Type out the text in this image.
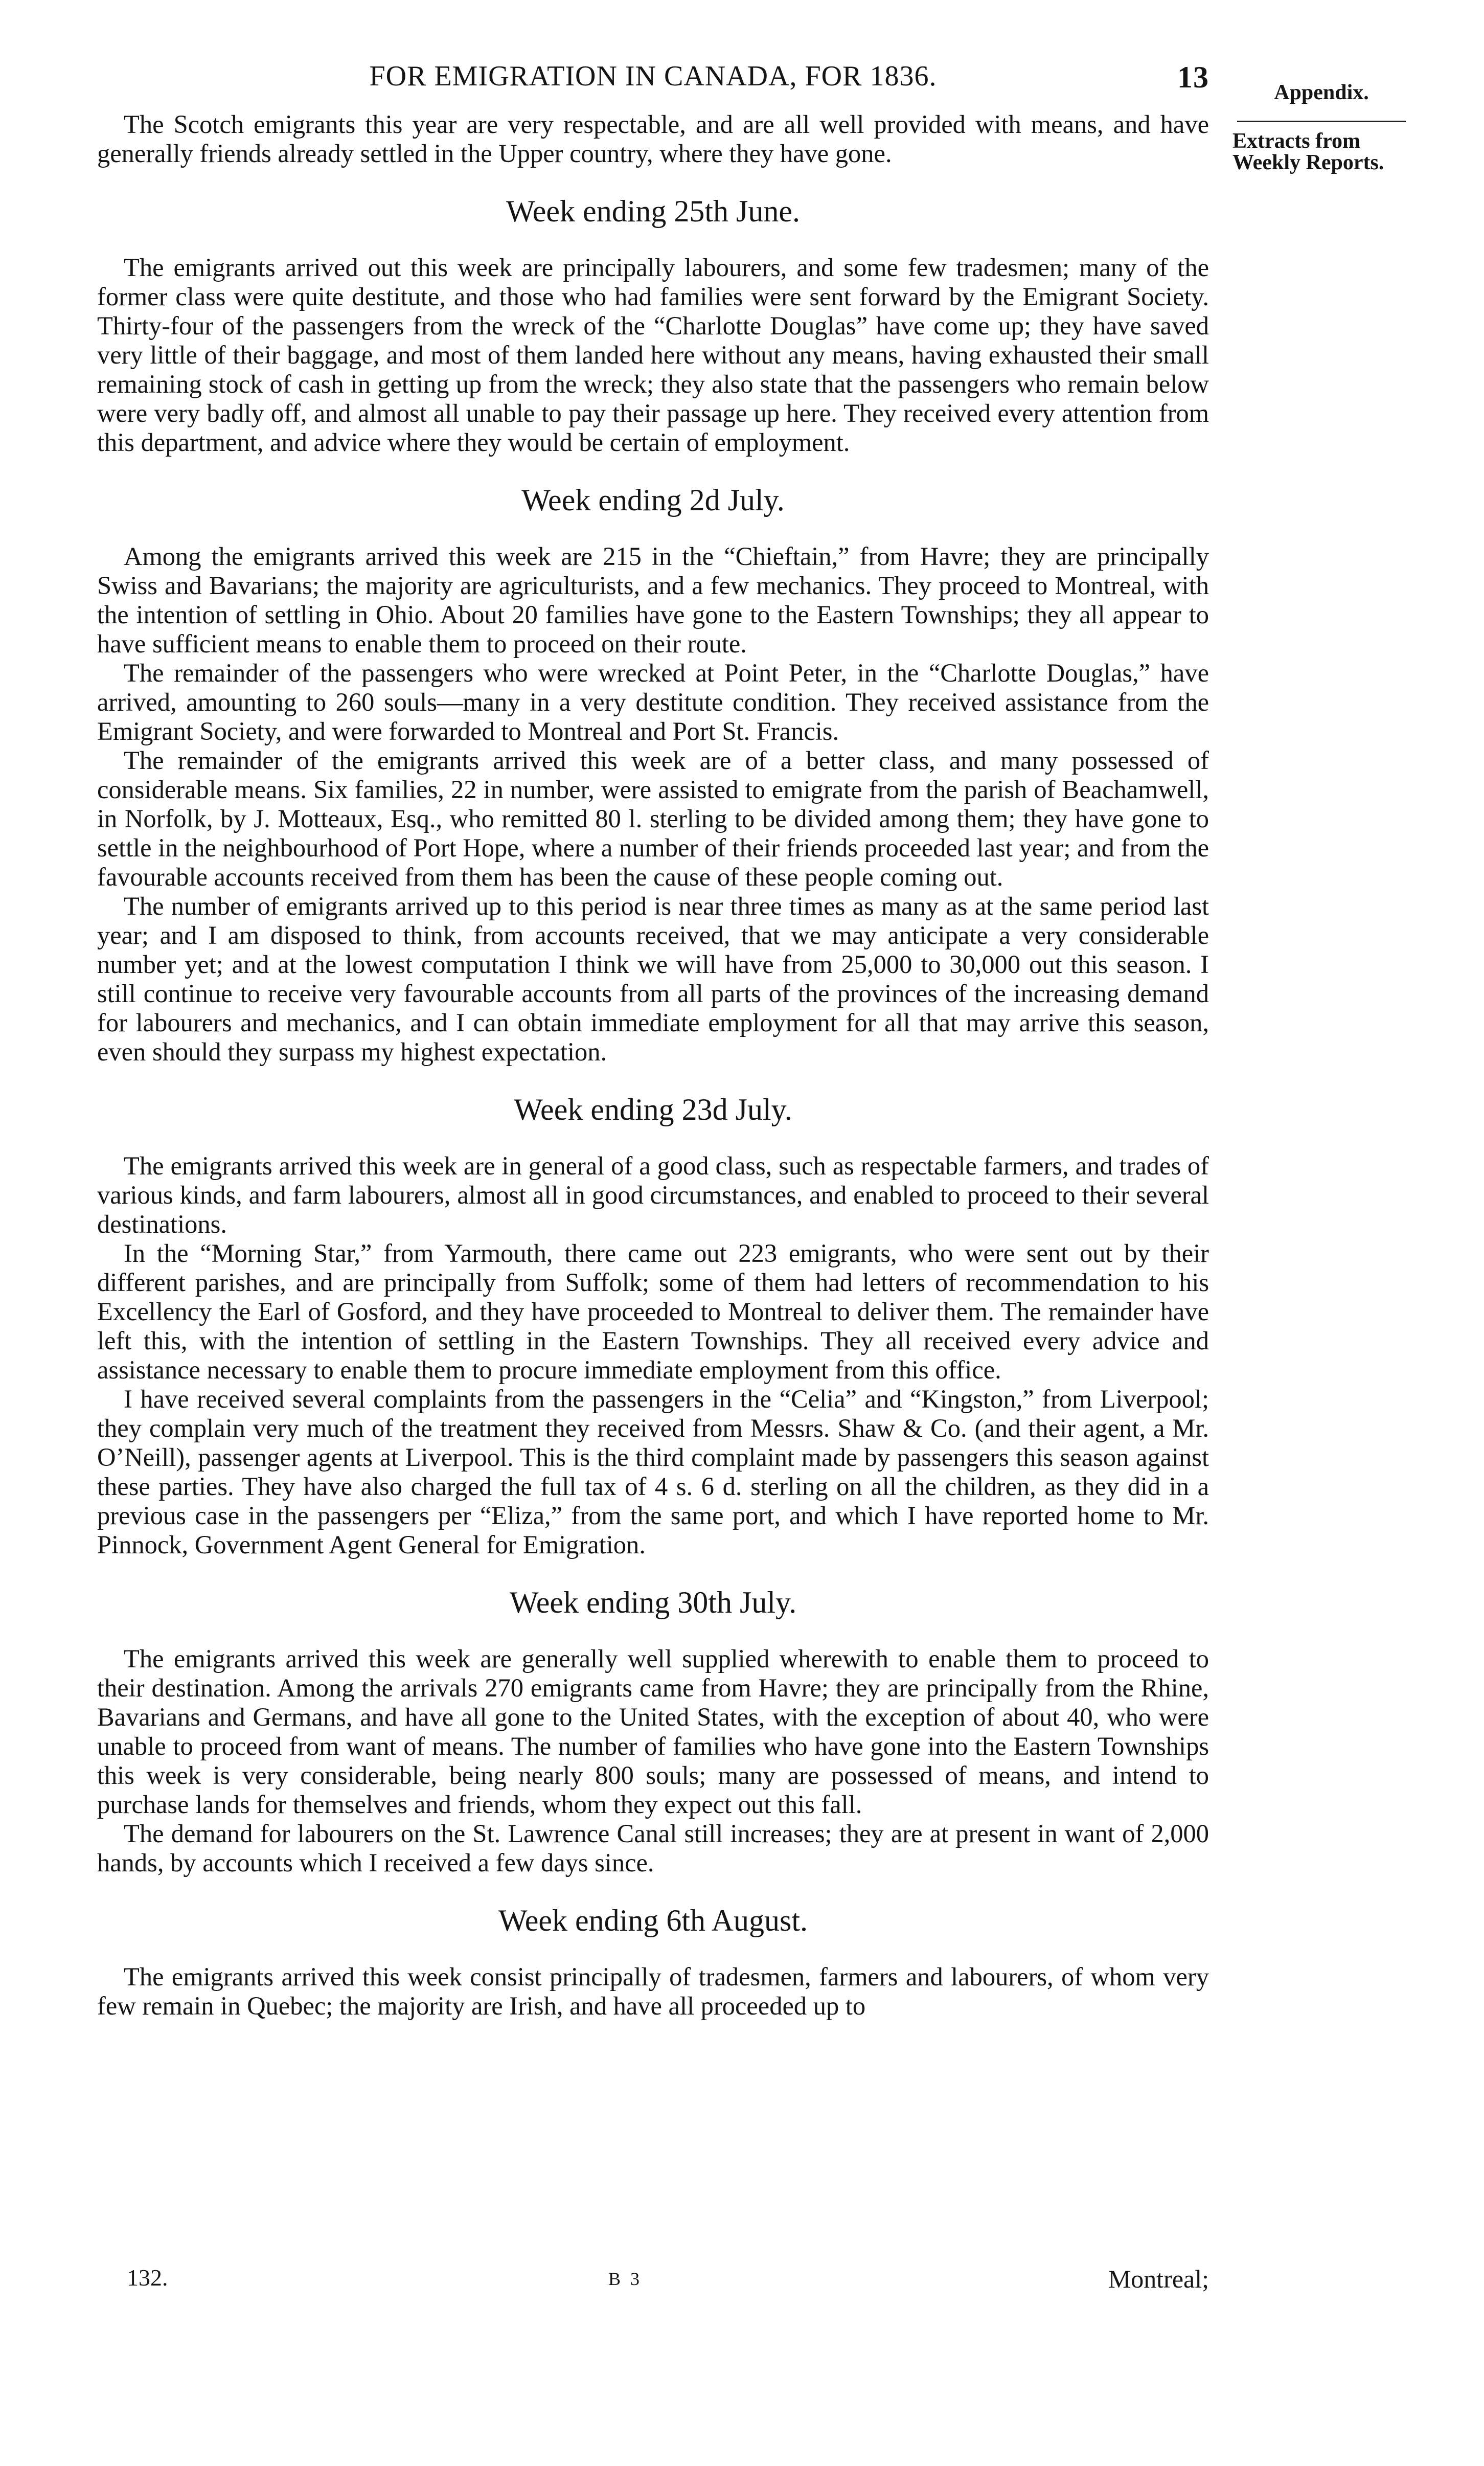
FOR EMIGRATION IN CANADA, FOR 1836.	13

The Scotch emigrants this year are very respectable, and are all well provided with means, and have generally friends already settled in the Upper country, where they have gone.

Week ending 25th June.

The emigrants arrived out this week are principally labourers, and some few tradesmen; many of the former class were quite destitute, and those who had families were sent forward by the Emigrant Society. Thirty-four of the passengers from the wreck of the “Charlotte Douglas” have come up; they have saved very little of their baggage, and most of them landed here without any means, having exhausted their small remaining stock of cash in getting up from the wreck; they also state that the passengers who remain below were very badly off, and almost all unable to pay their passage up here. They received every attention from this department, and advice where they would be certain of employment.

Week ending 2d July.

Among the emigrants arrived this week are 215 in the “Chieftain,” from Havre; they are principally Swiss and Bavarians; the majority are agriculturists, and a few mechanics. They proceed to Montreal, with the intention of settling in Ohio. About 20 families have gone to the Eastern Townships; they all appear to have sufficient means to enable them to proceed on their route.

The remainder of the passengers who were wrecked at Point Peter, in the “Charlotte Douglas,” have arrived, amounting to 260 souls—many in a very destitute condition. They received assistance from the Emigrant Society, and were forwarded to Montreal and Port St. Francis.

The remainder of the emigrants arrived this week are of a better class, and many possessed of considerable means. Six families, 22 in number, were assisted to emigrate from the parish of Beachamwell, in Norfolk, by J. Motteaux, Esq., who remitted 80 l. sterling to be divided among them; they have gone to settle in the neighbourhood of Port Hope, where a number of their friends proceeded last year; and from the favourable accounts received from them has been the cause of these people coming out.

The number of emigrants arrived up to this period is near three times as many as at the same period last year; and I am disposed to think, from accounts received, that we may anticipate a very considerable number yet; and at the lowest computation I think we will have from 25,000 to 30,000 out this season. I still continue to receive very favourable accounts from all parts of the provinces of the increasing demand for labourers and mechanics, and I can obtain immediate employment for all that may arrive this season, even should they surpass my highest expectation.

Week ending 23d July.

The emigrants arrived this week are in general of a good class, such as respectable farmers, and trades of various kinds, and farm labourers, almost all in good circumstances, and enabled to proceed to their several destinations.

In the “Morning Star,” from Yarmouth, there came out 223 emigrants, who were sent out by their different parishes, and are principally from Suffolk; some of them had letters of recommendation to his Excellency the Earl of Gosford, and they have proceeded to Montreal to deliver them. The remainder have left this, with the intention of settling in the Eastern Townships. They all received every advice and assistance necessary to enable them to procure immediate employment from this office.

I have received several complaints from the passengers in the “Celia” and “Kingston,” from Liverpool; they complain very much of the treatment they received from Messrs. Shaw & Co. (and their agent, a Mr. O’Neill), passenger agents at Liverpool. This is the third complaint made by passengers this season against these parties. They have also charged the full tax of 4 s. 6 d. sterling on all the children, as they did in a previous case in the passengers per “Eliza,” from the same port, and which I have reported home to Mr. Pinnock, Government Agent General for Emigration.

Week ending 30th July.

The emigrants arrived this week are generally well supplied wherewith to enable them to proceed to their destination. Among the arrivals 270 emigrants came from Havre; they are principally from the Rhine, Bavarians and Germans, and have all gone to the United States, with the exception of about 40, who were unable to proceed from want of means. The number of families who have gone into the Eastern Townships this week is very considerable, being nearly 800 souls; many are possessed of means, and intend to purchase lands for themselves and friends, whom they expect out this fall.

The demand for labourers on the St. Lawrence Canal still increases; they are at present in want of 2,000 hands, by accounts which I received a few days since.

Week ending 6th August.

The emigrants arrived this week consist principally of tradesmen, farmers and labourers, of whom very few remain in Quebec; the majority are Irish, and have all proceeded up to

Appendix.
Extracts from Weekly Reports.
132.	B 3	Montreal;
